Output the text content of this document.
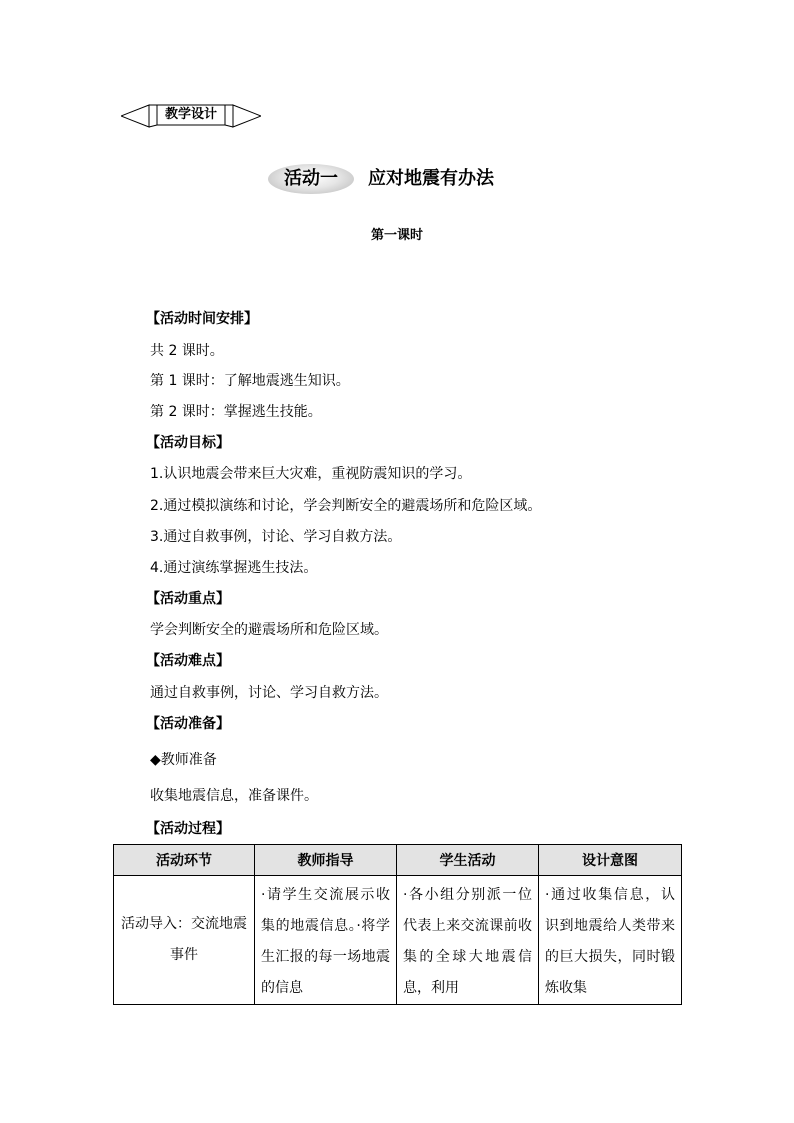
教学设计
活动一	应对地震有办法
第一课时
【活动时间安排】
共 2 课时。
第 1 课时：了解地震逃生知识。
第 2 课时：掌握逃生技能。
【活动目标】
1.认识地震会带来巨大灾难，重视防震知识的学习。
2.通过模拟演练和讨论，学会判断安全的避震场所和危险区域。
3.通过自救事例，讨论、学习自救方法。
4.通过演练掌握逃生技法。
【活动重点】
学会判断安全的避震场所和危险区域。
【活动难点】
通过自救事例，讨论、学习自救方法。
【活动准备】
◆教师准备
收集地震信息，准备课件。
【活动过程】
活动环节	教师指导	学生活动	设计意图

活动导入：交流地震事件	·请学生交流展示收集的地震信息。·将学生汇报的每一场地震的信息	·各小组分别派一位代表上来交流课前收集的全球大地震信息，利用	·通过收集信息，认识到地震给人类带来的巨大损失，同时锻炼收集
